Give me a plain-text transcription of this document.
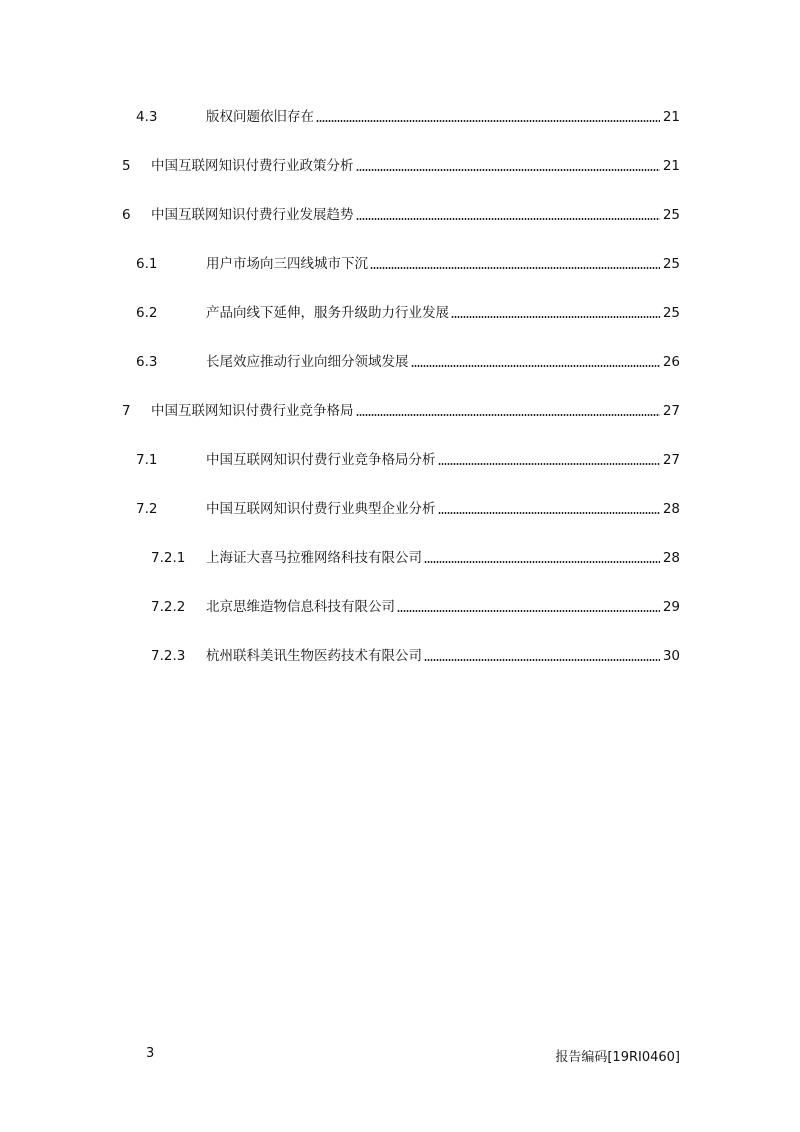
4.3	版权问题依旧存在	21
5 中国互联网知识付费行业政策分析	21
6 中国互联网知识付费行业发展趋势	25
6.1	用户市场向三四线城市下沉	25
6.2	产品向线下延伸，服务升级助力行业发展	25
6.3	长尾效应推动行业向细分领域发展	26
7 中国互联网知识付费行业竞争格局	27
7.1	中国互联网知识付费行业竞争格局分析	27
7.2	中国互联网知识付费行业典型企业分析	28
7.2.1 上海证大喜马拉雅网络科技有限公司	28
7.2.2 北京思维造物信息科技有限公司	29
7.2.3 杭州联科美讯生物医药技术有限公司	30
3	报告编码[19RI0460]
